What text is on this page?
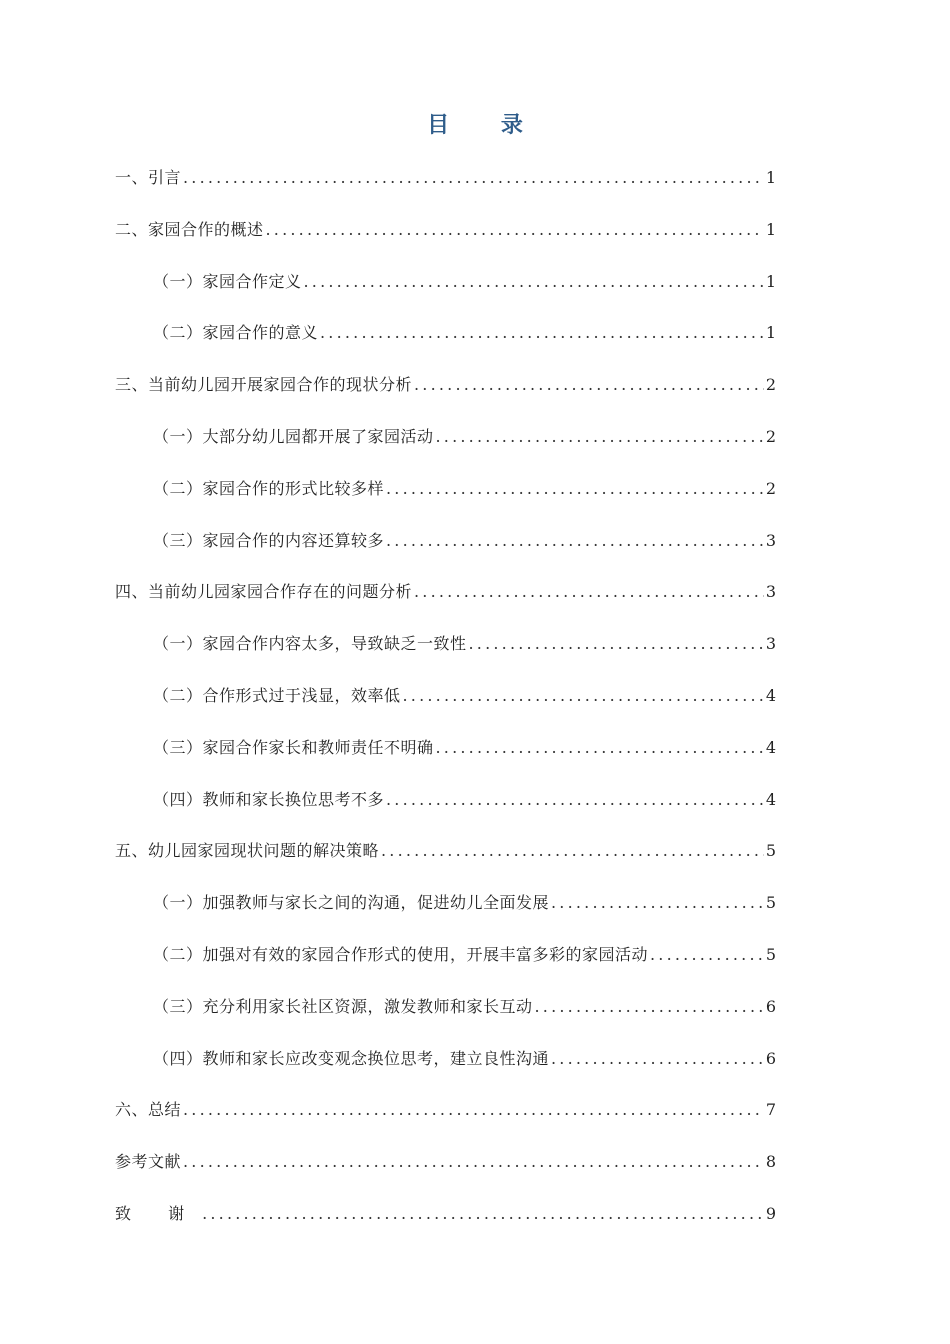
目 录
一、引言 .....	1
二、家园合作的概述 .....	1
（一）家园合作定义 .....	1
（二）家园合作的意义 .....	1
三、当前幼儿园开展家园合作的现状分析 .....	2
（一）大部分幼儿园都开展了家园活动 .....	2
（二）家园合作的形式比较多样 .....	2
（三）家园合作的内容还算较多 .....	3
四、当前幼儿园家园合作存在的问题分析 .....	3
（一）家园合作内容太多，导致缺乏一致性 .....	3
（二）合作形式过于浅显，效率低 .....	4
（三）家园合作家长和教师责任不明确 .....	4
（四）教师和家长换位思考不多 .....	4
五、幼儿园家园现状问题的解决策略 .....	5
（一）加强教师与家长之间的沟通，促进幼儿全面发展 .....	5
（二）加强对有效的家园合作形式的使用，开展丰富多彩的家园活动 .....	5
（三）充分利用家长社区资源，激发教师和家长互动 .....	6
（四）教师和家长应改变观念换位思考，建立良性沟通 .....	6
六、总结 .....	7
参考文献 .....	8
致 谢 .....	9
